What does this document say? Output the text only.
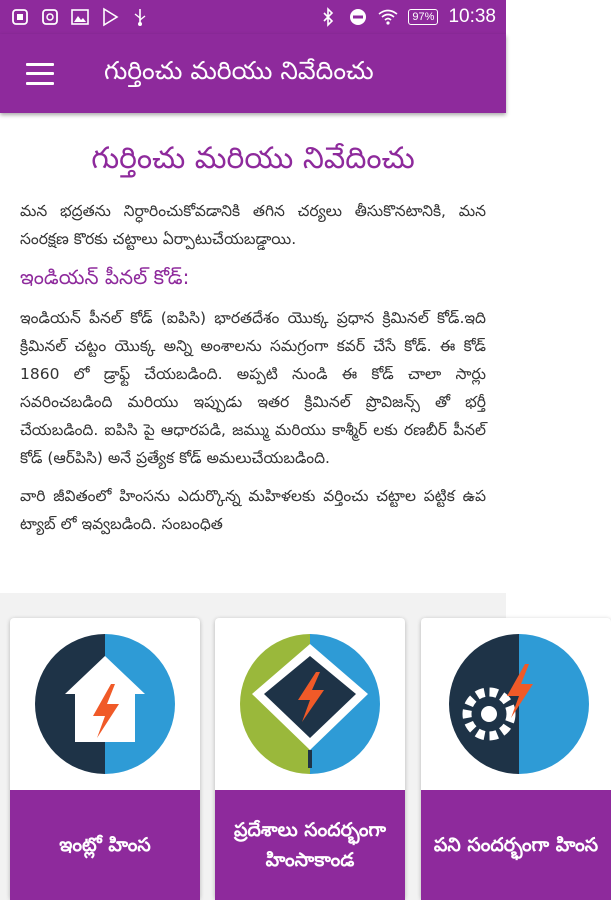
97% 10:38
గుర్తించు మరియు నివేదించు
గుర్తించు మరియు నివేదించు

మన భద్రతను నిర్ధారించుకోవడానికి తగిన చర్యలు తీసుకొనటానికి, మన సంరక్షణ కొరకు చట్టాలు ఏర్పాటుచేయబడ్డాయి.

ఇండియన్ పీనల్ కోడ్:

ఇండియన్ పీనల్ కోడ్ (ఐపిసి) భారతదేశం యొక్క ప్రధాన క్రిమినల్ కోడ్.ఇది క్రిమినల్ చట్టం యొక్క అన్ని అంశాలను సమగ్రంగా కవర్ చేసే కోడ్. ఈ కోడ్ 1860 లో డ్రాఫ్ట్ చేయబడింది. అప్పటి నుండి ఈ కోడ్ చాలా సార్లు సవరించబడింది మరియు ఇప్పుడు ఇతర క్రిమినల్ ప్రొవిజన్స్ తో భర్తీ చేయబడింది. ఐపిసి పై ఆధారపడి, జమ్ము మరియు కాశ్మీర్ లకు రణబీర్ పీనల్ కోడ్ (ఆర్‌పిసి) అనే ప్రత్యేక కోడ్ అమలుచేయబడింది.

వారి జీవితంలో హింసను ఎదుర్కొన్న మహిళలకు వర్తించు చట్టాల పట్టిక ఉప ట్యాబ్ లో ఇవ్వబడింది. సంబంధిత

ఇంట్లో హింస
ప్రదేశాలు సందర్భంగా హింసాకాండ
పని సందర్భంగా హింస
